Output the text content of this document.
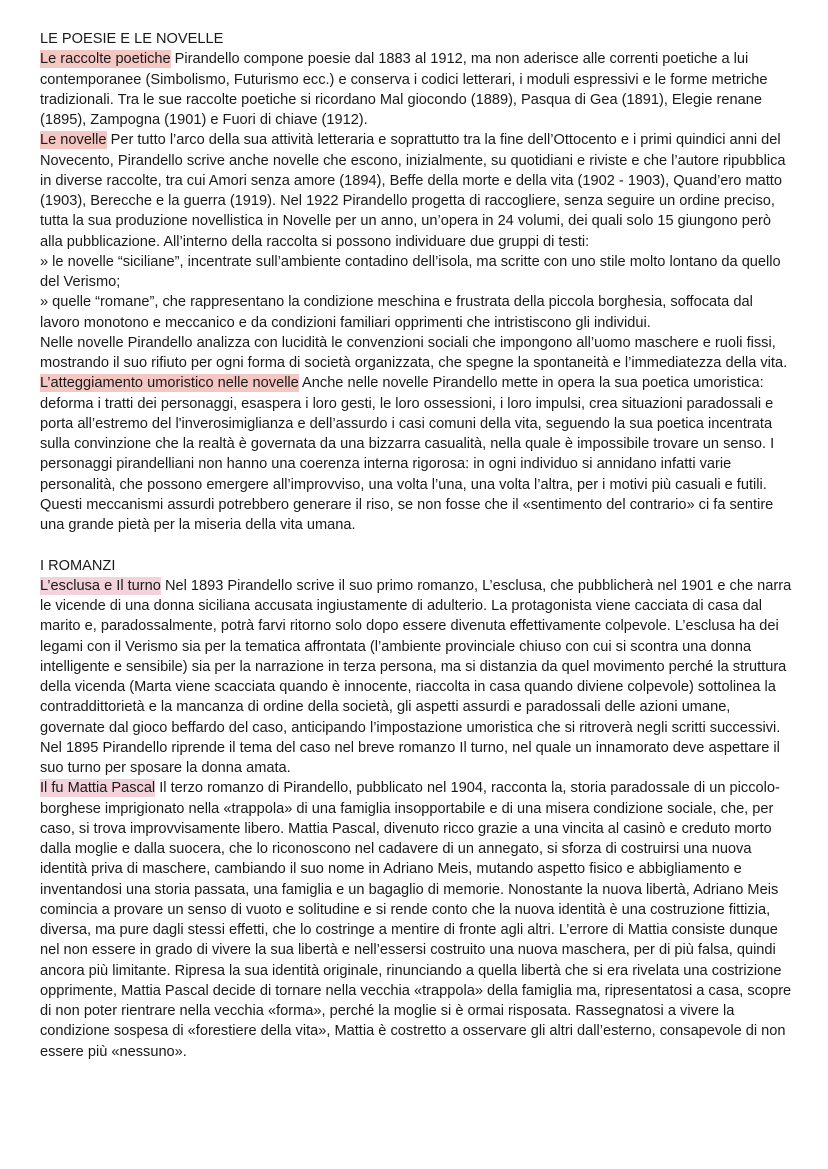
LE POESIE E LE NOVELLE

Le raccolte poetiche Pirandello compone poesie dal 1883 al 1912, ma non aderisce alle correnti poetiche a lui contemporanee (Simbolismo, Futurismo ecc.) e conserva i codici letterari, i moduli espressivi e le forme metriche tradizionali. Tra le sue raccolte poetiche si ricordano Mal giocondo (1889), Pasqua di Gea (1891), Elegie renane (1895), Zampogna (1901) e Fuori di chiave (1912).

Le novelle Per tutto l’arco della sua attività letteraria e soprattutto tra la fine dell’Ottocento e i primi quindici anni del Novecento, Pirandello scrive anche novelle che escono, inizialmente, su quotidiani e riviste e che l’autore ripubblica in diverse raccolte, tra cui Amori senza amore (1894), Beffe della morte e della vita (1902 - 1903), Quand’ero matto (1903), Berecche e la guerra (1919). Nel 1922 Pirandello progetta di raccogliere, senza seguire un ordine preciso, tutta la sua produzione novellistica in Novelle per un anno, un’opera in 24 volumi, dei quali solo 15 giungono però alla pubblicazione. All’interno della raccolta si possono individuare due gruppi di testi:

» le novelle “siciliane”, incentrate sull’ambiente contadino dell’isola, ma scritte con uno stile molto lontano da quello del Verismo;

» quelle “romane”, che rappresentano la condizione meschina e frustrata della piccola borghesia, soffocata dal lavoro monotono e meccanico e da condizioni familiari opprimenti che intristiscono gli individui.

Nelle novelle Pirandello analizza con lucidità le convenzioni sociali che impongono all’uomo maschere e ruoli fissi, mostrando il suo rifiuto per ogni forma di società organizzata, che spegne la spontaneità e l’immediatezza della vita.

L’atteggiamento umoristico nelle novelle Anche nelle novelle Pirandello mette in opera la sua poetica umoristica: deforma i tratti dei personaggi, esaspera i loro gesti, le loro ossessioni, i loro impulsi, crea situazioni paradossali e porta all’estremo del l'inverosimiglianza e dell’assurdo i casi comuni della vita, seguendo la sua poetica incentrata sulla convinzione che la realtà è governata da una bizzarra casualità, nella quale è impossibile trovare un senso. I personaggi pirandelliani non hanno una coerenza interna rigorosa: in ogni individuo si annidano infatti varie personalità, che possono emergere all’improvviso, una volta l’una, una volta l’altra, per i motivi più casuali e futili. Questi meccanismi assurdi potrebbero generare il riso, se non fosse che il «sentimento del contrario» ci fa sentire una grande pietà per la miseria della vita umana.

I ROMANZI

L’esclusa e Il turno Nel 1893 Pirandello scrive il suo primo romanzo, L’esclusa, che pubblicherà nel 1901 e che narra le vicende di una donna siciliana accusata ingiustamente di adulterio. La protagonista viene cacciata di casa dal marito e, paradossalmente, potrà farvi ritorno solo dopo essere divenuta effettivamente colpevole. L’esclusa ha dei legami con il Verismo sia per la tematica affrontata (l’ambiente provinciale chiuso con cui si scontra una donna intelligente e sensibile) sia per la narrazione in terza persona, ma si distanzia da quel movimento perché la struttura della vicenda (Marta viene scacciata quando è innocente, riaccolta in casa quando diviene colpevole) sottolinea la contraddittorietà e la mancanza di ordine della società, gli aspetti assurdi e paradossali delle azioni umane, governate dal gioco beffardo del caso, anticipando l’impostazione umoristica che si ritroverà negli scritti successivi. Nel 1895 Pirandello riprende il tema del caso nel breve romanzo Il turno, nel quale un innamorato deve aspettare il suo turno per sposare la donna amata.

Il fu Mattia Pascal Il terzo romanzo di Pirandello, pubblicato nel 1904, racconta la, storia paradossale di un piccolo-borghese imprigionato nella «trappola» di una famiglia insopportabile e di una misera condizione sociale, che, per caso, si trova improvvisamente libero. Mattia Pascal, divenuto ricco grazie a una vincita al casinò e creduto morto dalla moglie e dalla suocera, che lo riconoscono nel cadavere di un annegato, si sforza di costruirsi una nuova identità priva di maschere, cambiando il suo nome in Adriano Meis, mutando aspetto fisico e abbigliamento e inventandosi una storia passata, una famiglia e un bagaglio di memorie. Nonostante la nuova libertà, Adriano Meis comincia a provare un senso di vuoto e solitudine e si rende conto che la nuova identità è una costruzione fittizia, diversa, ma pure dagli stessi effetti, che lo costringe a mentire di fronte agli altri. L’errore di Mattia consiste dunque nel non essere in grado di vivere la sua libertà e nell’essersi costruito una nuova maschera, per di più falsa, quindi ancora più limitante. Ripresa la sua identità originale, rinunciando a quella libertà che si era rivelata una costrizione opprimente, Mattia Pascal decide di tornare nella vecchia «trappola» della famiglia ma, ripresentatosi a casa, scopre di non poter rientrare nella vecchia «forma», perché la moglie si è ormai risposata. Rassegnatosi a vivere la condizione sospesa di «forestiere della vita», Mattia è costretto a osservare gli altri dall’esterno, consapevole di non essere più «nessuno».
